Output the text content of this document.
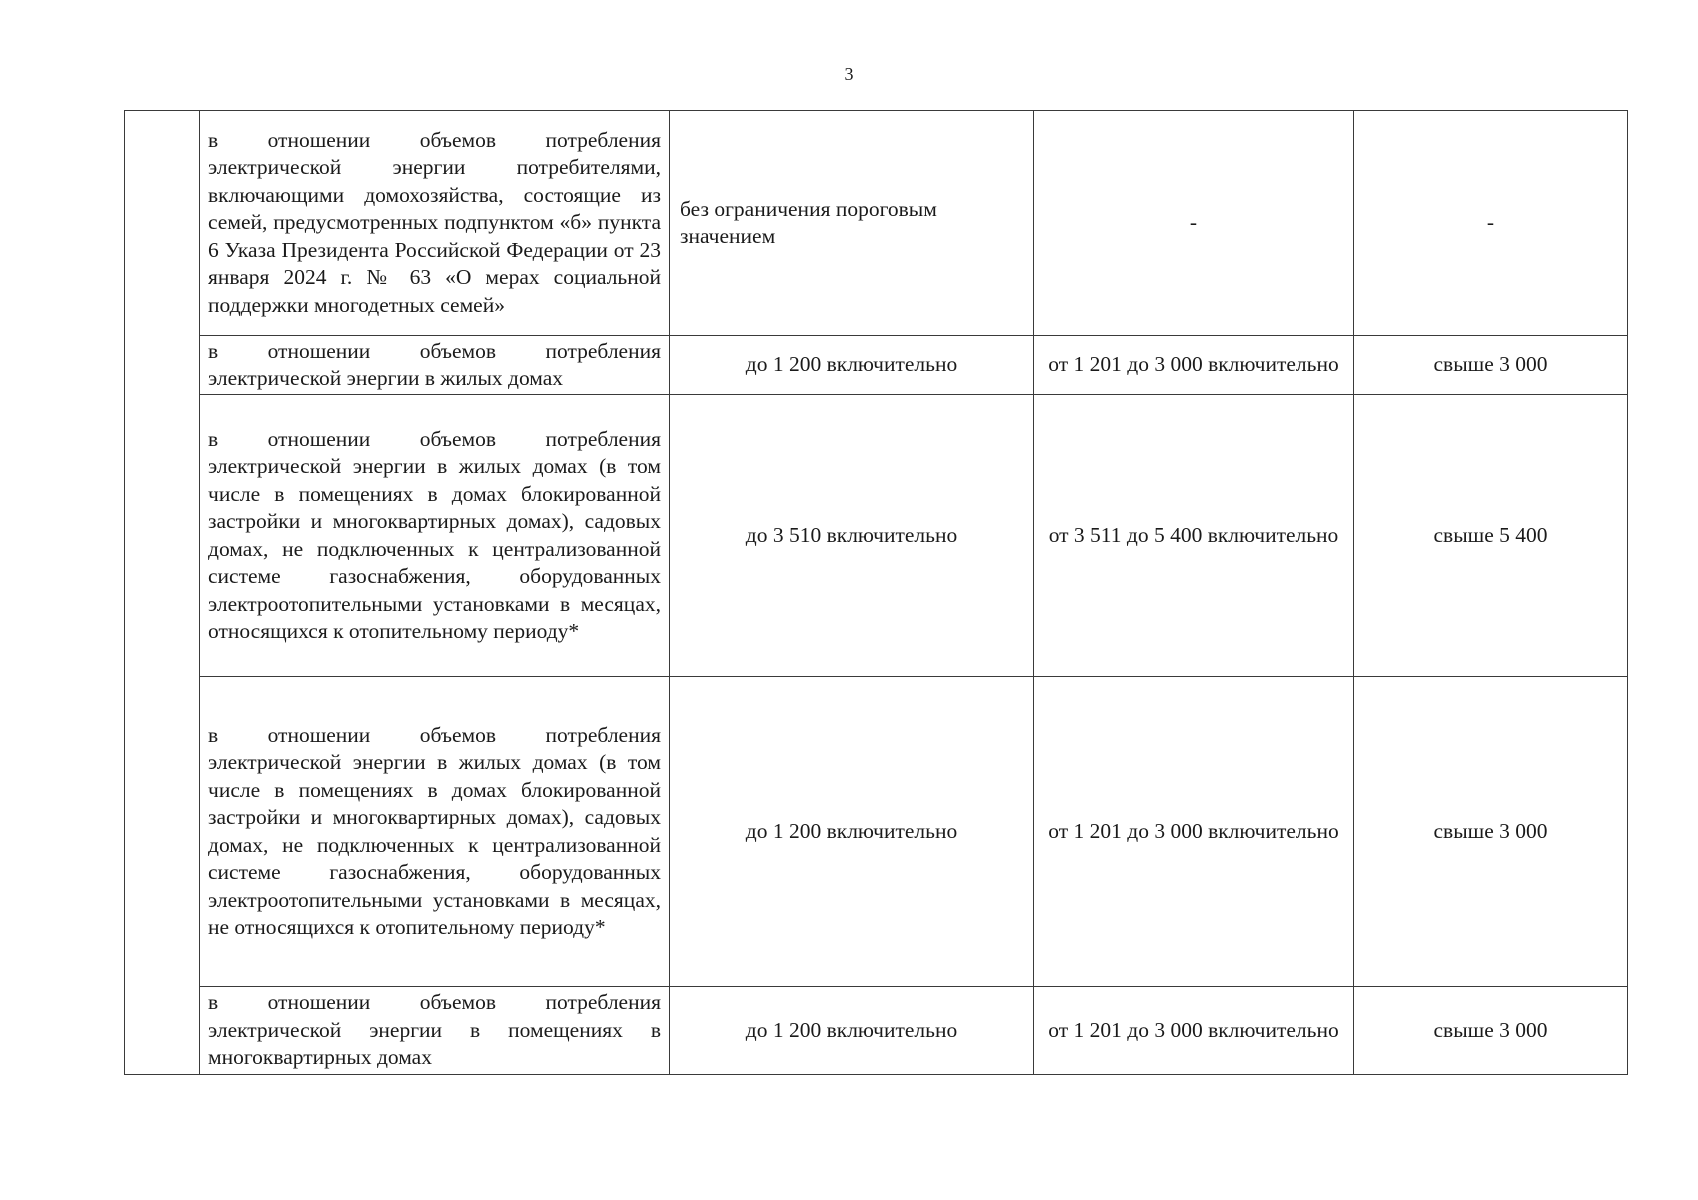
3
	в отношении объемов потребления электрической энергии потребителями, включающими домохозяйства, состоящие из семей, предусмотренных подпунктом «б» пункта 6 Указа Президента Российской Федерации от 23 января 2024 г. № 63 «О мерах социальной поддержки многодетных семей»	без ограничения пороговым значением	-	-
	в отношении объемов потребления электрической энергии в жилых домах	до 1 200 включительно	от 1 201 до 3 000 включительно	свыше 3 000
	в отношении объемов потребления электрической энергии в жилых домах (в том числе в помещениях в домах блокированной застройки и многоквартирных домах), садовых домах, не подключенных к централизованной системе газоснабжения, оборудованных электроотопительными установками в месяцах, относящихся к отопительному периоду*	до 3 510 включительно	от 3 511 до 5 400 включительно	свыше 5 400
	в отношении объемов потребления электрической энергии в жилых домах (в том числе в помещениях в домах блокированной застройки и многоквартирных домах), садовых домах, не подключенных к централизованной системе газоснабжения, оборудованных электроотопительными установками в месяцах, не относящихся к отопительному периоду*	до 1 200 включительно	от 1 201 до 3 000 включительно	свыше 3 000
	в отношении объемов потребления электрической энергии в помещениях в многоквартирных домах	до 1 200 включительно	от 1 201 до 3 000 включительно	свыше 3 000
